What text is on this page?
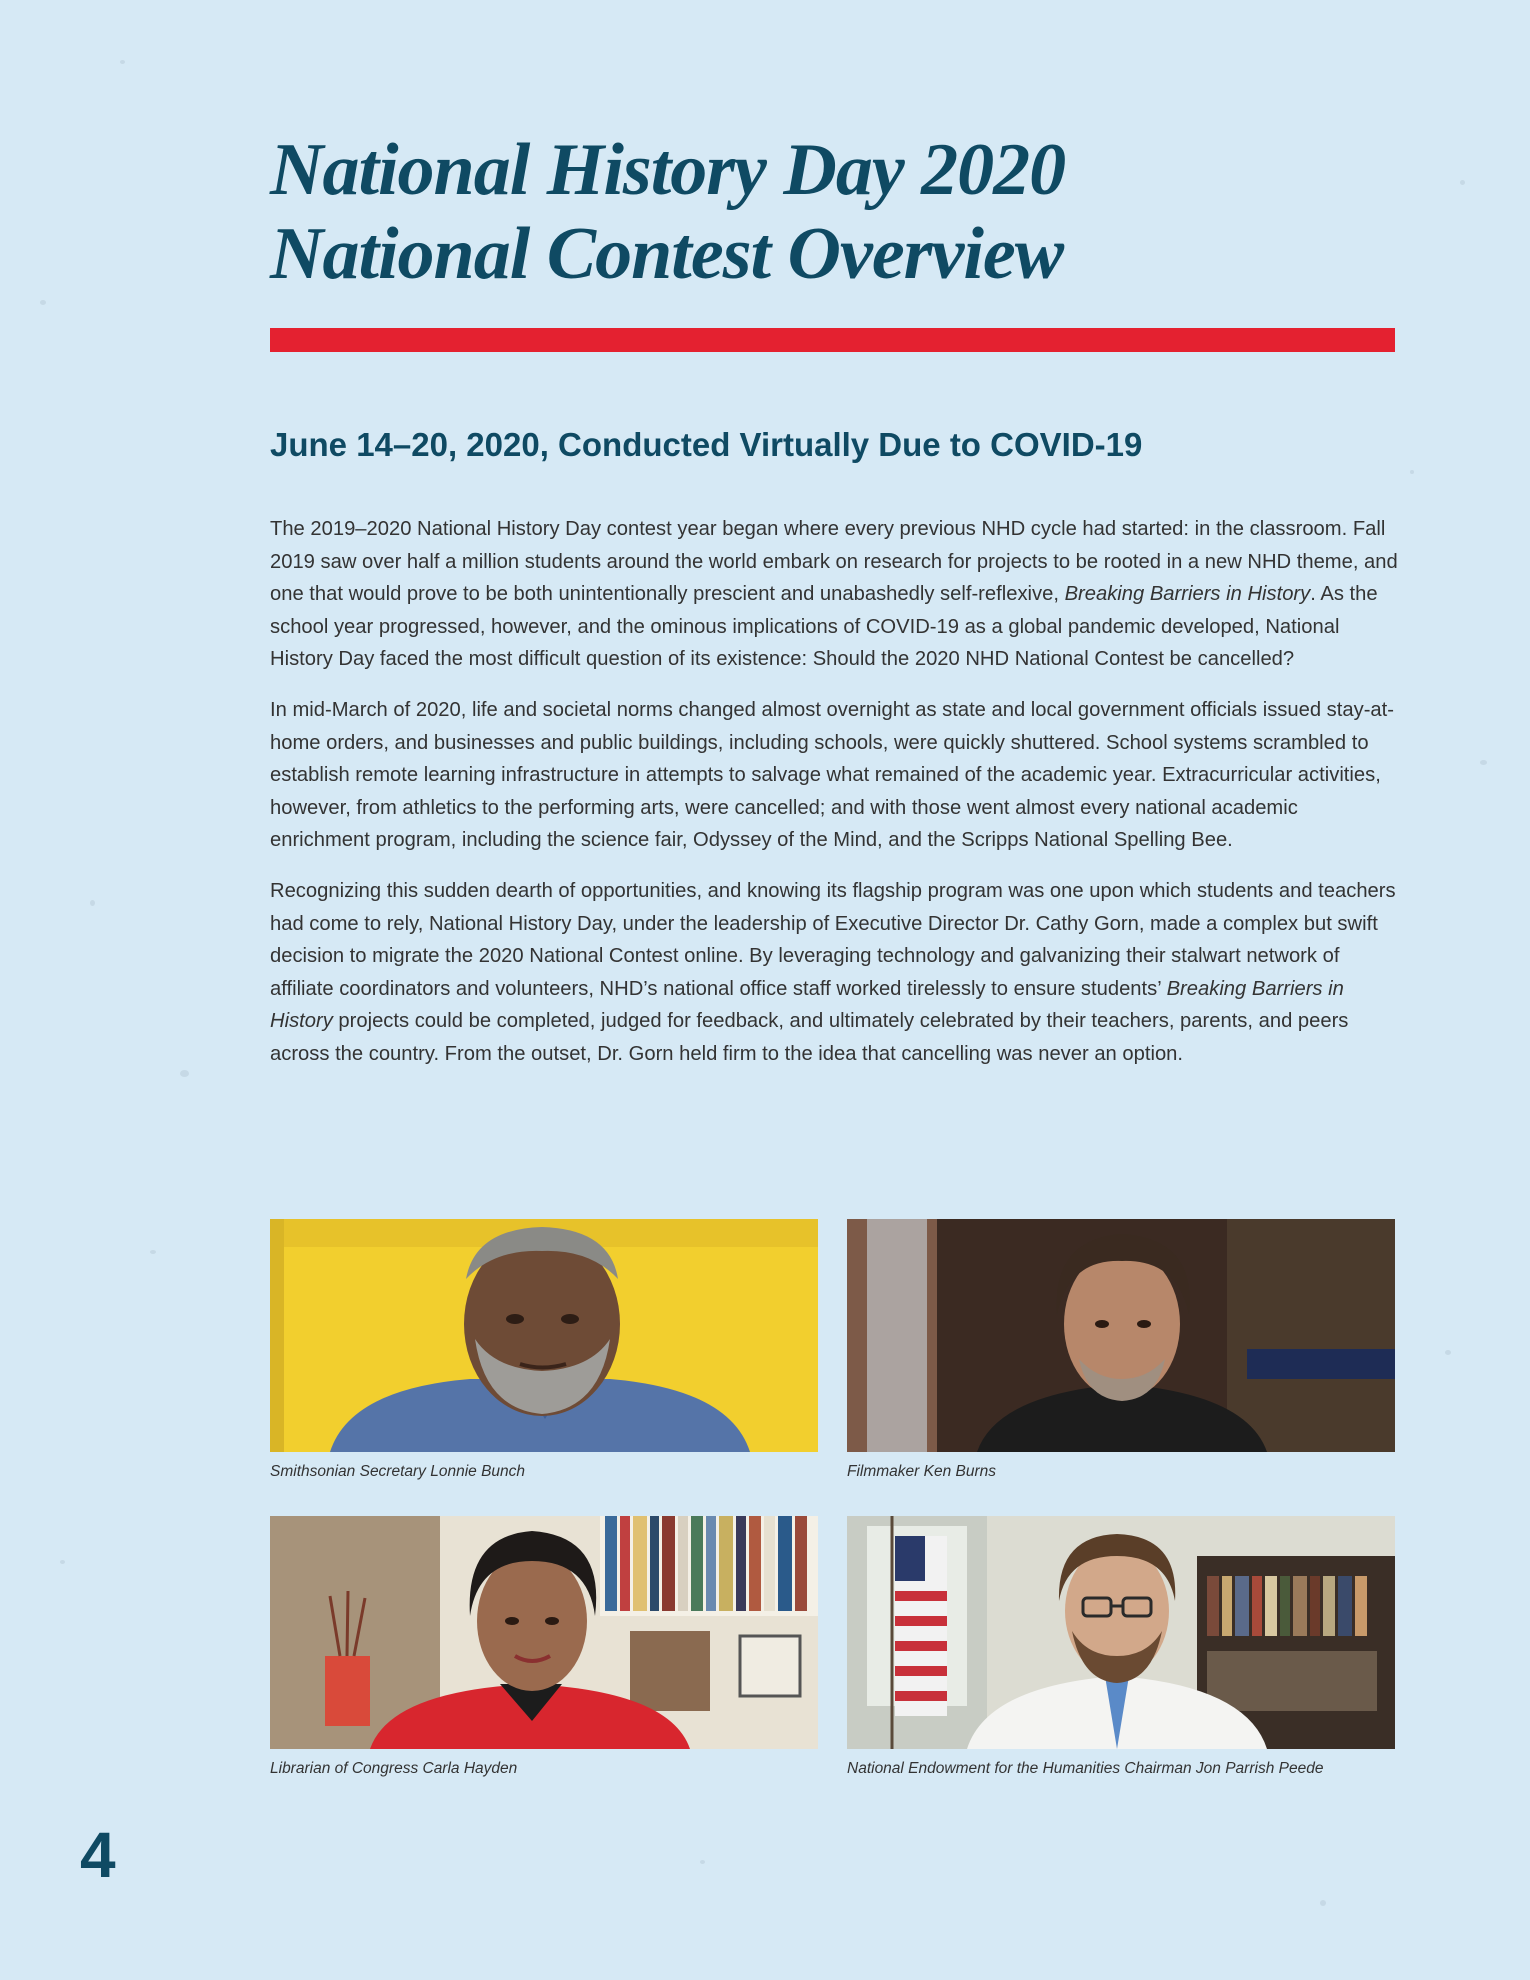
National History Day 2020
National Contest Overview
June 14–20, 2020, Conducted Virtually Due to COVID-19

The 2019–2020 National History Day contest year began where every previous NHD cycle had started: in the classroom. Fall 2019 saw over half a million students around the world embark on research for projects to be rooted in a new NHD theme, and one that would prove to be both unintentionally prescient and unabashedly self-reflexive, Breaking Barriers in History. As the school year progressed, however, and the ominous implications of COVID-19 as a global pandemic developed, National History Day faced the most difficult question of its existence: Should the 2020 NHD National Contest be cancelled?

In mid-March of 2020, life and societal norms changed almost overnight as state and local government officials issued stay-at-home orders, and businesses and public buildings, including schools, were quickly shuttered. School systems scrambled to establish remote learning infrastructure in attempts to salvage what remained of the academic year. Extracurricular activities, however, from athletics to the performing arts, were cancelled; and with those went almost every national academic enrichment program, including the science fair, Odyssey of the Mind, and the Scripps National Spelling Bee.

Recognizing this sudden dearth of opportunities, and knowing its flagship program was one upon which students and teachers had come to rely, National History Day, under the leadership of Executive Director Dr. Cathy Gorn, made a complex but swift decision to migrate the 2020 National Contest online. By leveraging technology and galvanizing their stalwart network of affiliate coordinators and volunteers, NHD’s national office staff worked tirelessly to ensure students’ Breaking Barriers in History projects could be completed, judged for feedback, and ultimately celebrated by their teachers, parents, and peers across the country. From the outset, Dr. Gorn held firm to the idea that cancelling was never an option.

Smithsonian Secretary Lonnie Bunch	Filmmaker Ken Burns
Librarian of Congress Carla Hayden	National Endowment for the Humanities Chairman Jon Parrish Peede
4
